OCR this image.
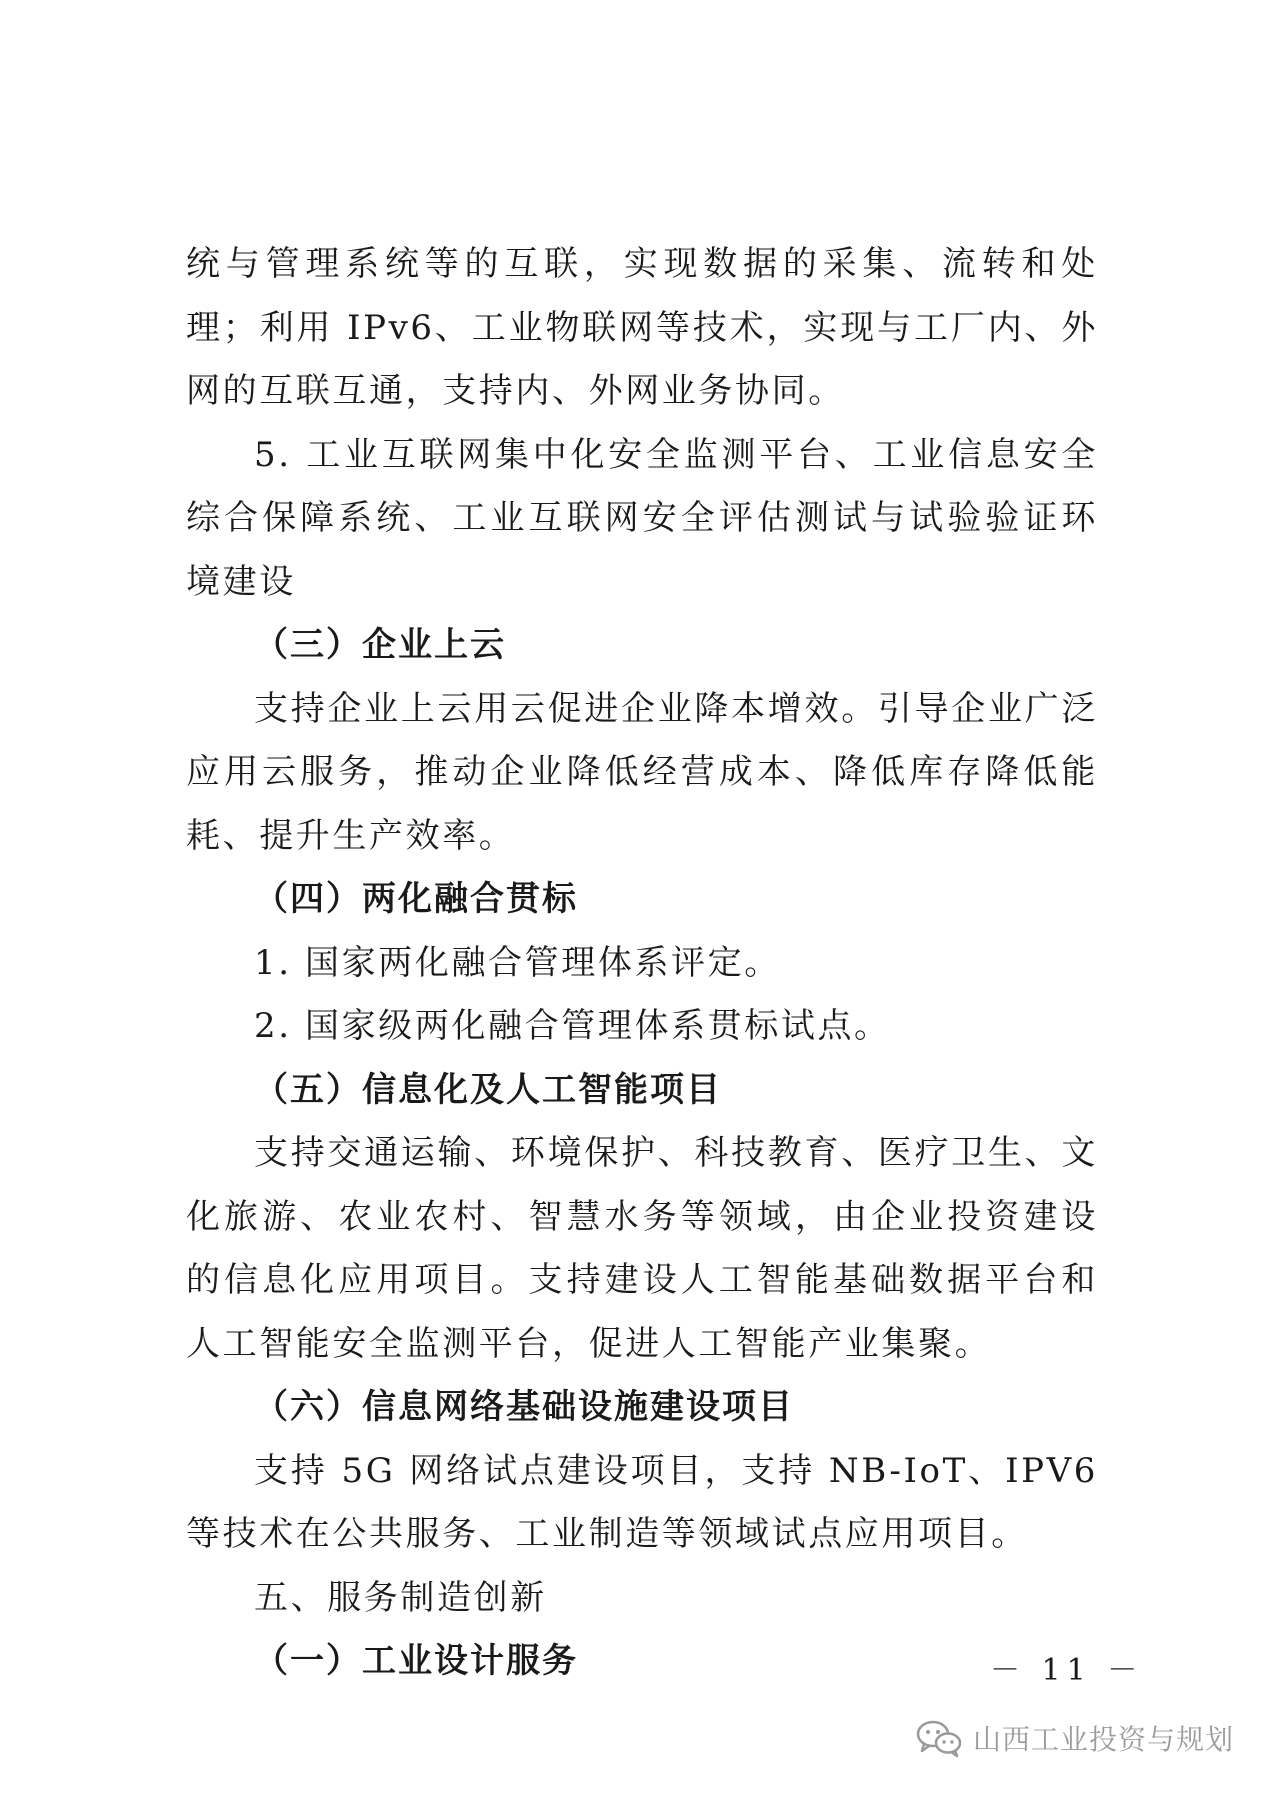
统与管理系统等的互联，实现数据的采集、流转和处理；利用 IPv6、工业物联网等技术，实现与工厂内、外网的互联互通，支持内、外网业务协同。

5. 工业互联网集中化安全监测平台、工业信息安全综合保障系统、工业互联网安全评估测试与试验验证环境建设

（三）企业上云

支持企业上云用云促进企业降本增效。引导企业广泛应用云服务，推动企业降低经营成本、降低库存降低能耗、提升生产效率。

（四）两化融合贯标

1. 国家两化融合管理体系评定。

2. 国家级两化融合管理体系贯标试点。

（五）信息化及人工智能项目

支持交通运输、环境保护、科技教育、医疗卫生、文化旅游、农业农村、智慧水务等领域，由企业投资建设的信息化应用项目。支持建设人工智能基础数据平台和人工智能安全监测平台，促进人工智能产业集聚。

（六）信息网络基础设施建设项目

支持 5G 网络试点建设项目，支持 NB-IoT、IPV6 等技术在公共服务、工业制造等领域试点应用项目。

五、服务制造创新

（一）工业设计服务	－ 11 －
山西工业投资与规划
